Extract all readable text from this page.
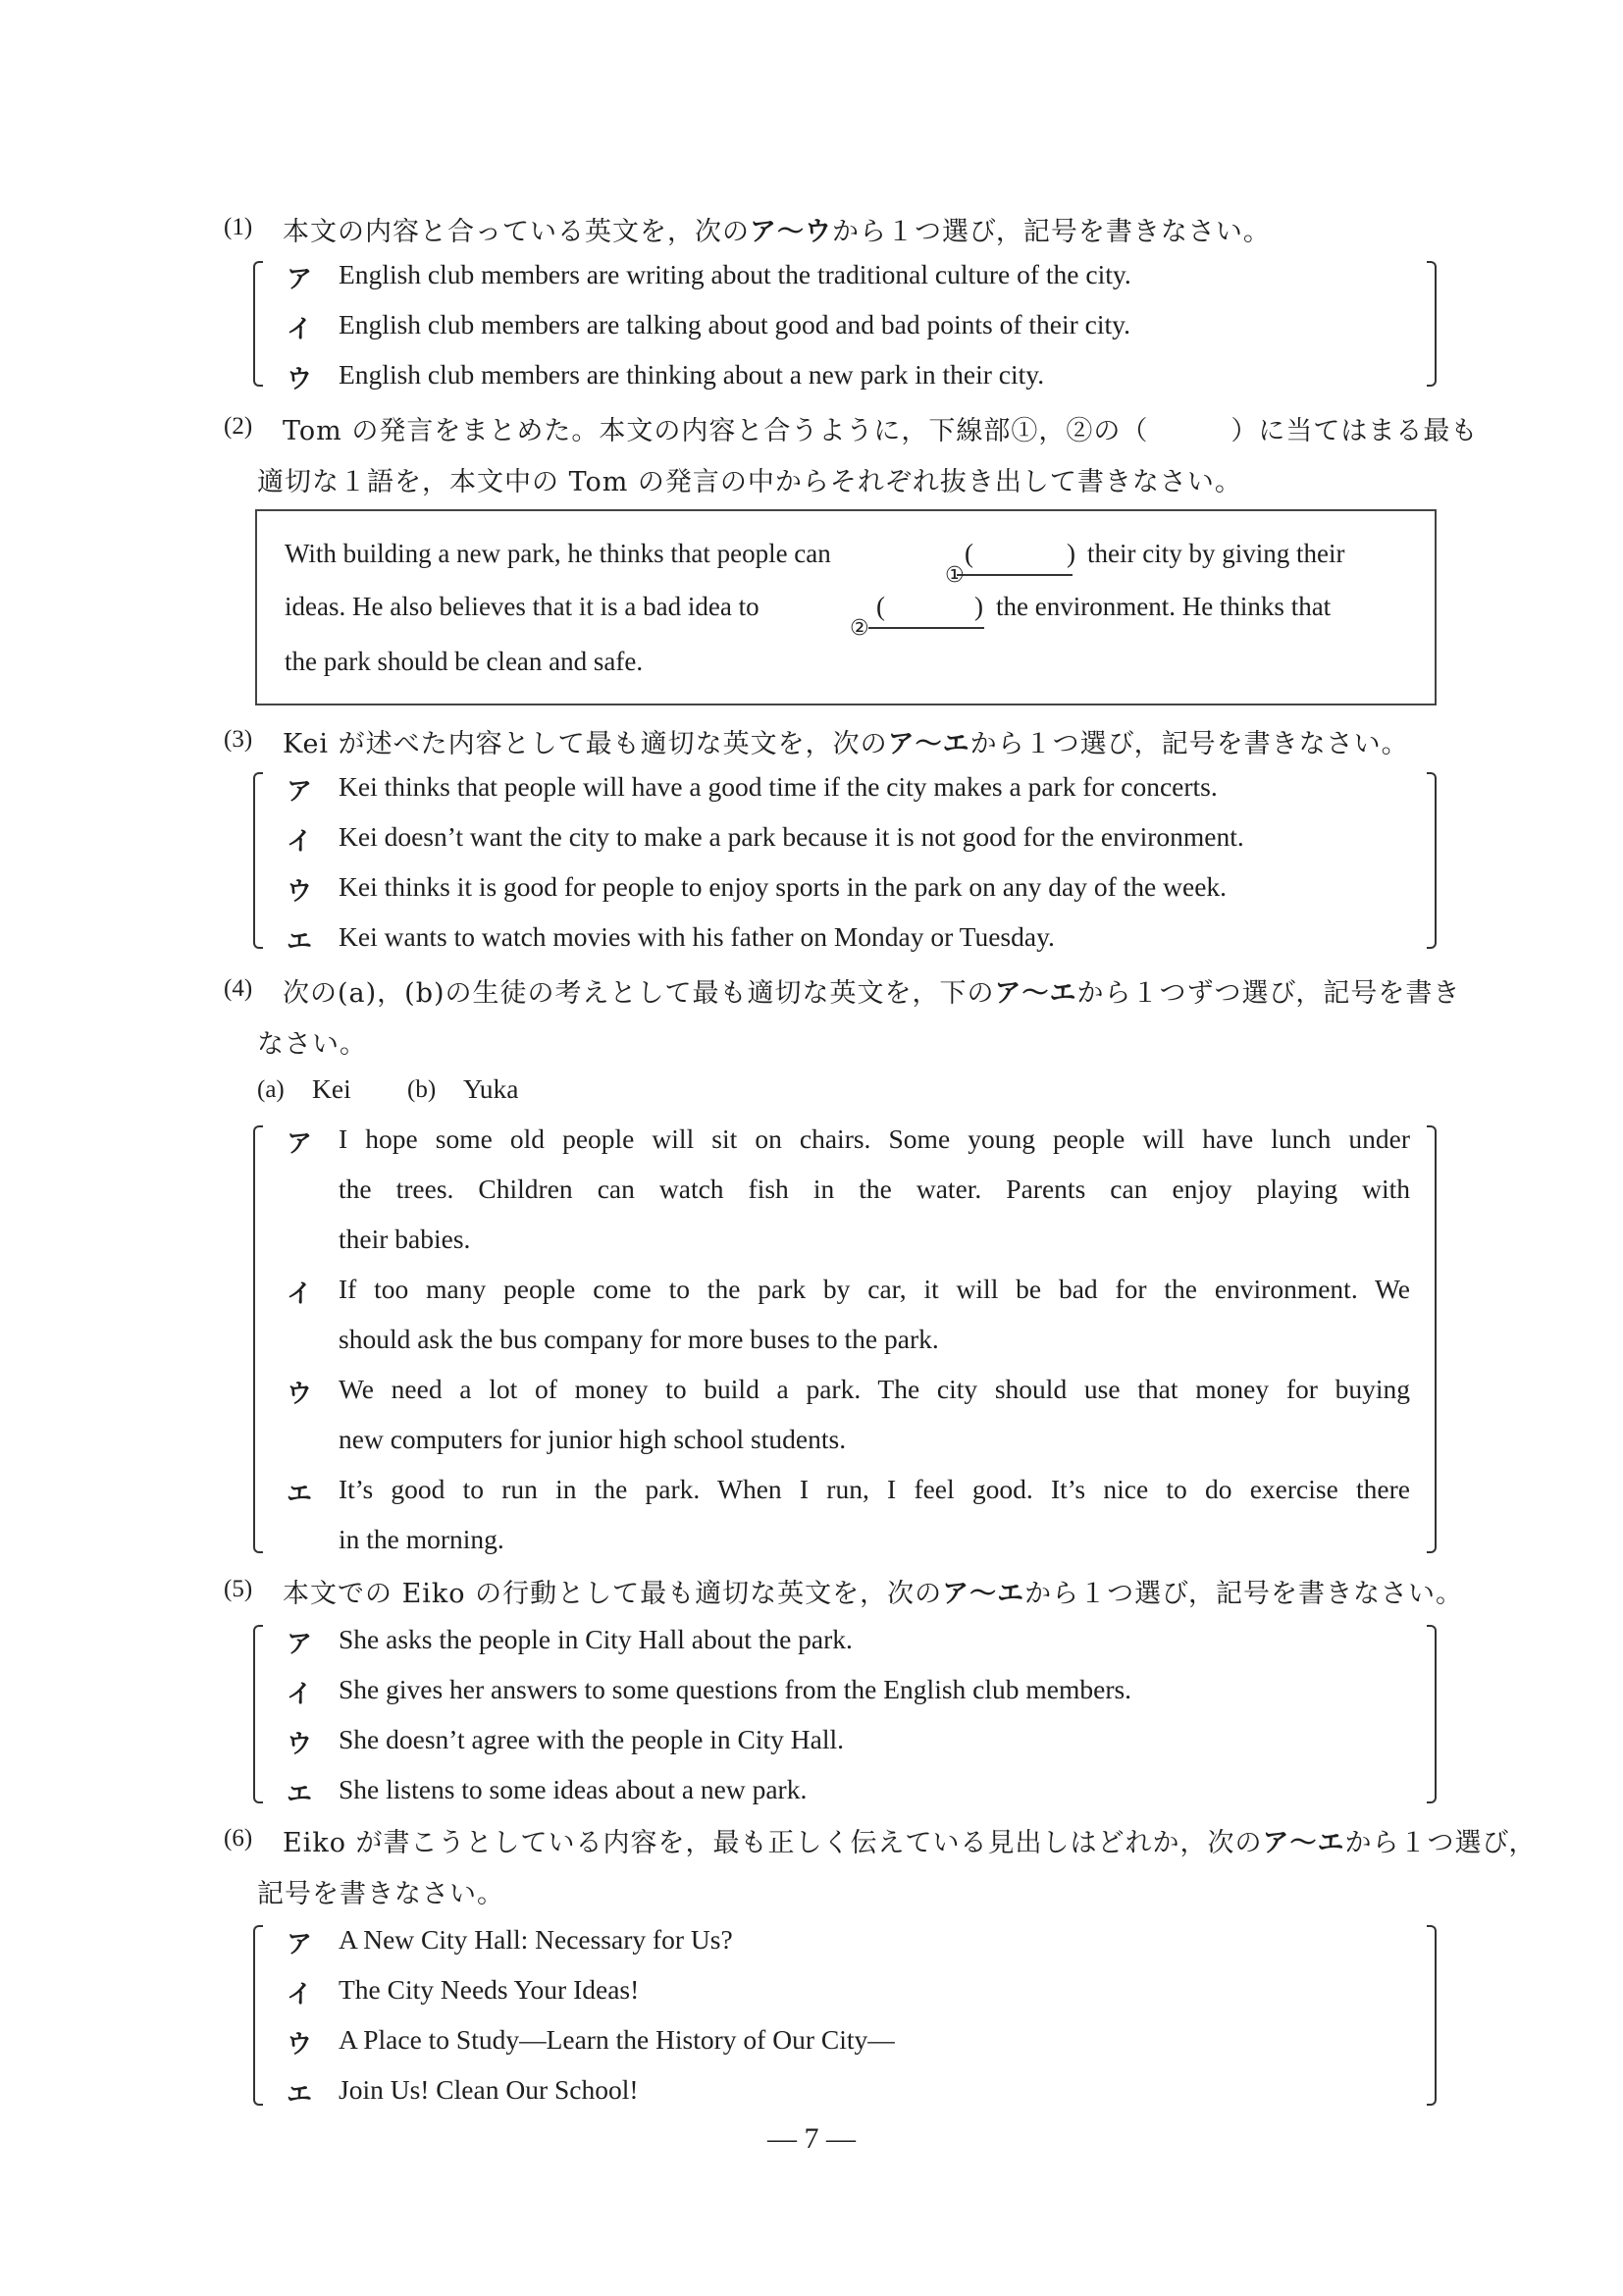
(1) 本文の内容と合っている英文を，次のア～ウから１つ選び，記号を書きなさい。
ア English club members are writing about the traditional culture of the city.
イ English club members are talking about good and bad points of their city.
ウ English club members are thinking about a new park in their city.
(2) Tom の発言をまとめた。本文の内容と合うように，下線部①，②の（　　　）に当てはまる最も
適切な１語を，本文中の Tom の発言の中からそれぞれ抜き出して書きなさい。
With building a new park, he thinks that people can	(	)
①
their city by giving their
ideas. He also believes that it is a bad idea to	(	)
②
the environment. He thinks that
the park should be clean and safe.
(3) Kei が述べた内容として最も適切な英文を，次のア～エから１つ選び，記号を書きなさい。
ア Kei thinks that people will have a good time if the city makes a park for concerts.
イ Kei doesn’t want the city to make a park because it is not good for the environment.
ウ Kei thinks it is good for people to enjoy sports in the park on any day of the week.
エ Kei wants to watch movies with his father on Monday or Tuesday.
(4) 次の(a)，(b)の生徒の考えとして最も適切な英文を，下のア～エから１つずつ選び，記号を書き
なさい。
(a) Kei (b) Yuka
ア I hope some old people will sit on chairs. Some young people will have lunch under
the trees. Children can watch fish in the water. Parents can enjoy playing with
their babies.
イ If too many people come to the park by car, it will be bad for the environment. We
should ask the bus company for more buses to the park.
ウ We need a lot of money to build a park. The city should use that money for buying
new computers for junior high school students.
エ It’s good to run in the park. When I run, I feel good. It’s nice to do exercise there
in the morning.
(5) 本文での Eiko の行動として最も適切な英文を，次のア～エから１つ選び，記号を書きなさい。
ア She asks the people in City Hall about the park.
イ She gives her answers to some questions from the English club members.
ウ She doesn’t agree with the people in City Hall.
エ She listens to some ideas about a new park.
(6) Eiko が書こうとしている内容を，最も正しく伝えている見出しはどれか，次のア～エから１つ選び，
記号を書きなさい。
ア A New City Hall: Necessary for Us?
イ The City Needs Your Ideas!
ウ A Place to Study—Learn the History of Our City—
エ Join Us! Clean Our School!
— 7 —
